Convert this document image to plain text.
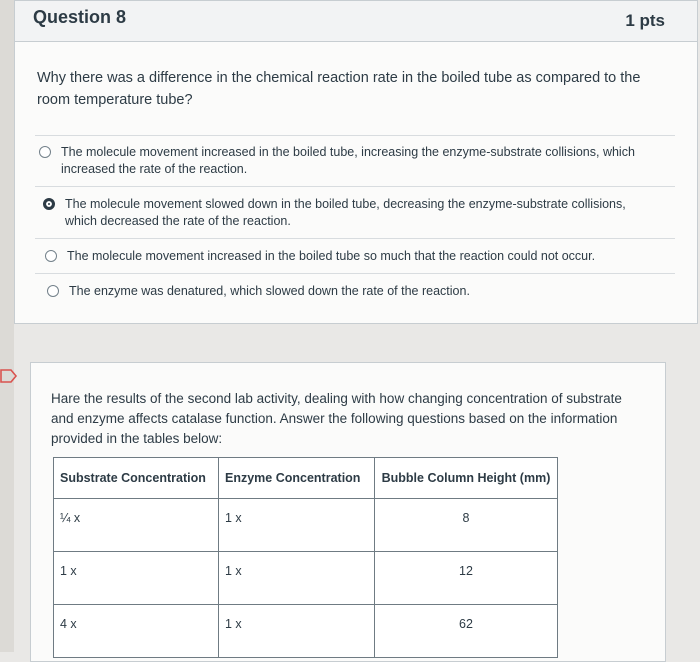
Question 8	1 pts
Why there was a difference in the chemical reaction rate in the boiled tube as compared to the room temperature tube?
The molecule movement increased in the boiled tube, increasing the enzyme-substrate collisions, which increased the rate of the reaction.
The molecule movement slowed down in the boiled tube, decreasing the enzyme-substrate collisions, which decreased the rate of the reaction.
The molecule movement increased in the boiled tube so much that the reaction could not occur.
The enzyme was denatured, which slowed down the rate of the reaction.
Hare the results of the second lab activity, dealing with how changing concentration of substrate and enzyme affects catalase function. Answer the following questions based on the information provided in the tables below:
Substrate Concentration	Enzyme Concentration	Bubble Column Height (mm)
¼ x	1 x	8
1 x	1 x	12
4 x	1 x	62
